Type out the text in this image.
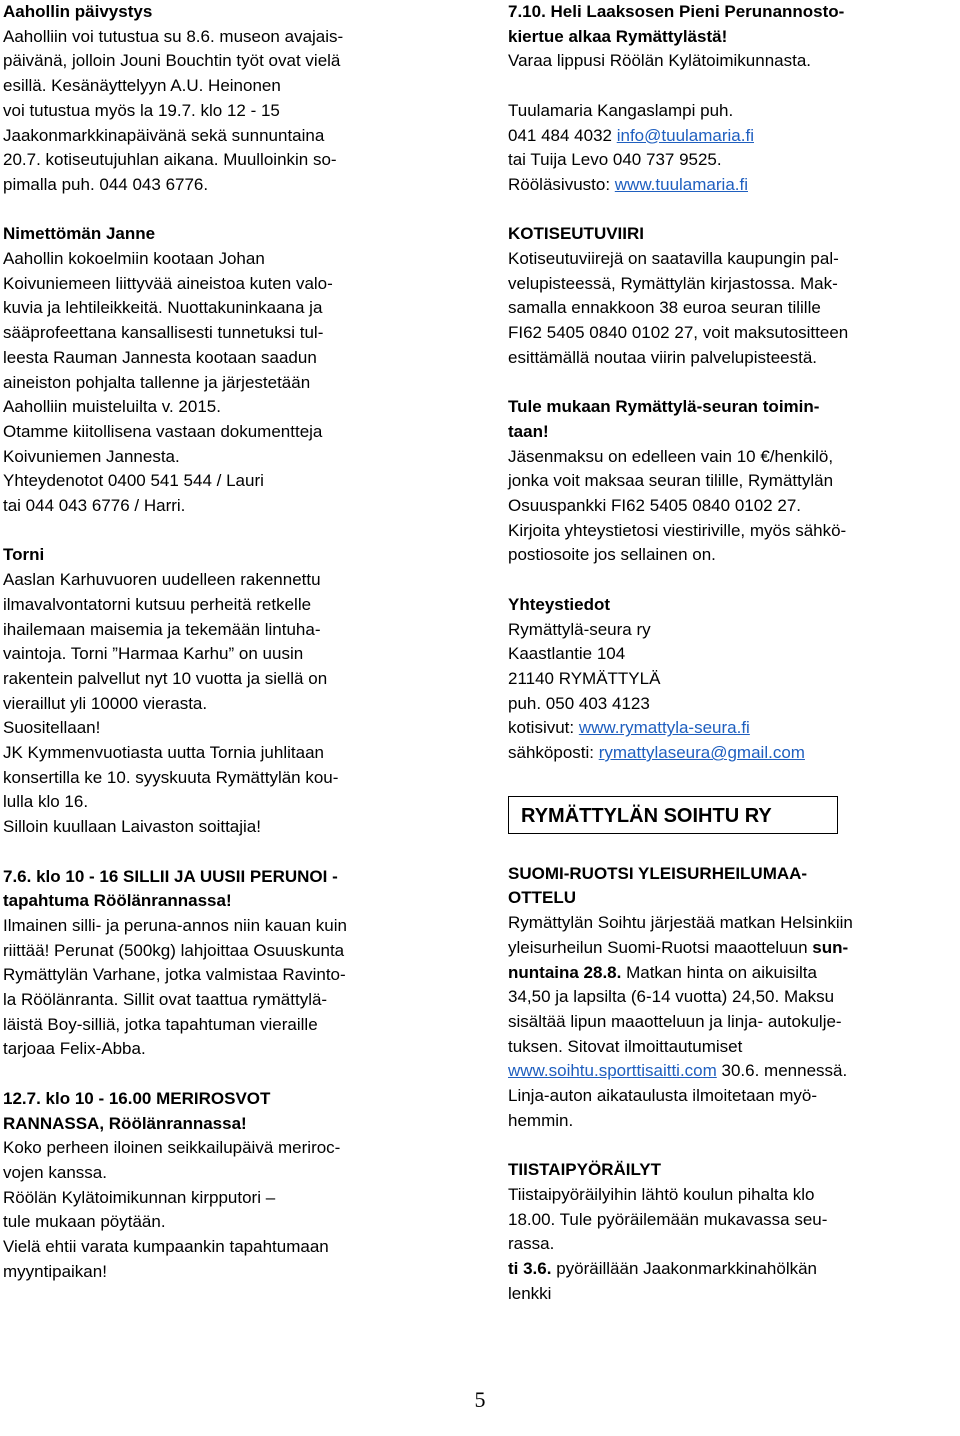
Aahollin päivystys
Aaholliin voi tutustua su 8.6. museon avajais-
päivänä, jolloin Jouni Bouchtin työt ovat vielä
esillä. Kesänäyttelyyn A.U. Heinonen
voi tutustua myös la 19.7. klo 12 - 15
Jaakonmarkkinapäivänä sekä sunnuntaina
20.7. kotiseutujuhlan aikana. Muulloinkin so-
pimalla puh. 044 043 6776.
Nimettömän Janne
Aahollin kokoelmiin kootaan Johan
Koivuniemeen liittyvää aineistoa kuten valo-
kuvia ja lehtileikkeitä. Nuottakuninkaana ja
sääprofeettana kansallisesti tunnetuksi tul-
leesta Rauman Jannesta kootaan saadun
aineiston pohjalta tallenne ja järjestetään
Aaholliin muisteluilta v. 2015.
Otamme kiitollisena vastaan dokumentteja
Koivuniemen Jannesta.
Yhteydenotot 0400 541 544 / Lauri
tai 044 043 6776 / Harri.
Torni
Aaslan Karhuvuoren uudelleen rakennettu
ilmavalvontatorni kutsuu perheitä retkelle
ihailemaan maisemia ja tekemään lintuha-
vaintoja. Torni ”Harmaa Karhu” on uusin
rakentein palvellut nyt 10 vuotta ja siellä on
vieraillut yli 10000 vierasta.
Suositellaan!
JK Kymmenvuotiasta uutta Tornia juhlitaan
konsertilla ke 10. syyskuuta Rymättylän kou-
lulla klo 16.
Silloin kuullaan Laivaston soittajia!
7.6. klo 10 - 16 SILLII JA UUSII PERUNOI -
tapahtuma Röölänrannassa!
Ilmainen silli- ja peruna-annos niin kauan kuin
riittää! Perunat (500kg) lahjoittaa Osuuskunta
Rymättylän Varhane, jotka valmistaa Ravinto-
la Röölänranta. Sillit ovat taattua rymättylä-
läistä Boy-silliä, jotka tapahtuman vieraille
tarjoaa Felix-Abba.
12.7. klo 10 - 16.00 MERIROSVOT
RANNASSA, Röölänrannassa!
Koko perheen iloinen seikkailupäivä merirос-
vojen kanssa.
Röölän Kylätoimikunnan kirpputori –
tule mukaan pöytään.
Vielä ehtii varata kumpaankin tapahtumaan
myyntipaikan!
7.10. Heli Laaksosen Pieni Perunannosto-
kiertue alkaa Rymättylästä!
Varaa lippusi Röölän Kylätoimikunnasta.
Tuulamaria Kangaslampi puh.
041 484 4032 info@tuulamaria.fi
tai Tuija Levo 040 737 9525.
Rööläsivusto: www.tuulamaria.fi
KOTISEUTUVIIRI
Kotiseutuviirejä on saatavilla kaupungin pal-
velupisteessä, Rymättylän kirjastossa. Mak-
samalla ennakkoon 38 euroa seuran tilille
FI62 5405 0840 0102 27, voit maksutositteen
esittämällä noutaa viirin palvelupisteestä.
Tule mukaan Rymättylä-seuran toimin-
taan!
Jäsenmaksu on edelleen vain 10 €/henkilö,
jonka voit maksaa seuran tilille, Rymättylän
Osuuspankki FI62 5405 0840 0102 27.
Kirjoita yhteystietosi viestiriville, myös sähkö-
postiosoite jos sellainen on.
Yhteystiedot
Rymättylä-seura ry
Kaastlantie 104
21140 RYMÄTTYLÄ
puh. 050 403 4123
kotisivut: www.rymattyla-seura.fi
sähköposti: rymattylaseura@gmail.com
RYMÄTTYLÄN SOIHTU RY
SUOMI-RUOTSI YLEISURHEILUMAA-
OTTELU
Rymättylän Soihtu järjestää matkan Helsinkiin
yleisurheilun Suomi-Ruotsi maaotteluun sun-
nuntaina 28.8. Matkan hinta on aikuisilta
34,50 ja lapsilta (6-14 vuotta) 24,50. Maksu
sisältää lipun maaotteluun ja linja- autokulje-
tuksen. Sitovat ilmoittautumiset
www.soihtu.sporttisaitti.com 30.6. mennessä.
Linja-auton aikataulusta ilmoitetaan myö-
hemmin.
TIISTAIPYÖRÄILYT
Tiistaipyöräilyihin lähtö koulun pihalta klo
18.00. Tule pyöräilemään mukavassa seu-
rassa.
ti 3.6. pyöräillään Jaakonmarkkinahölkän
lenkki
5
